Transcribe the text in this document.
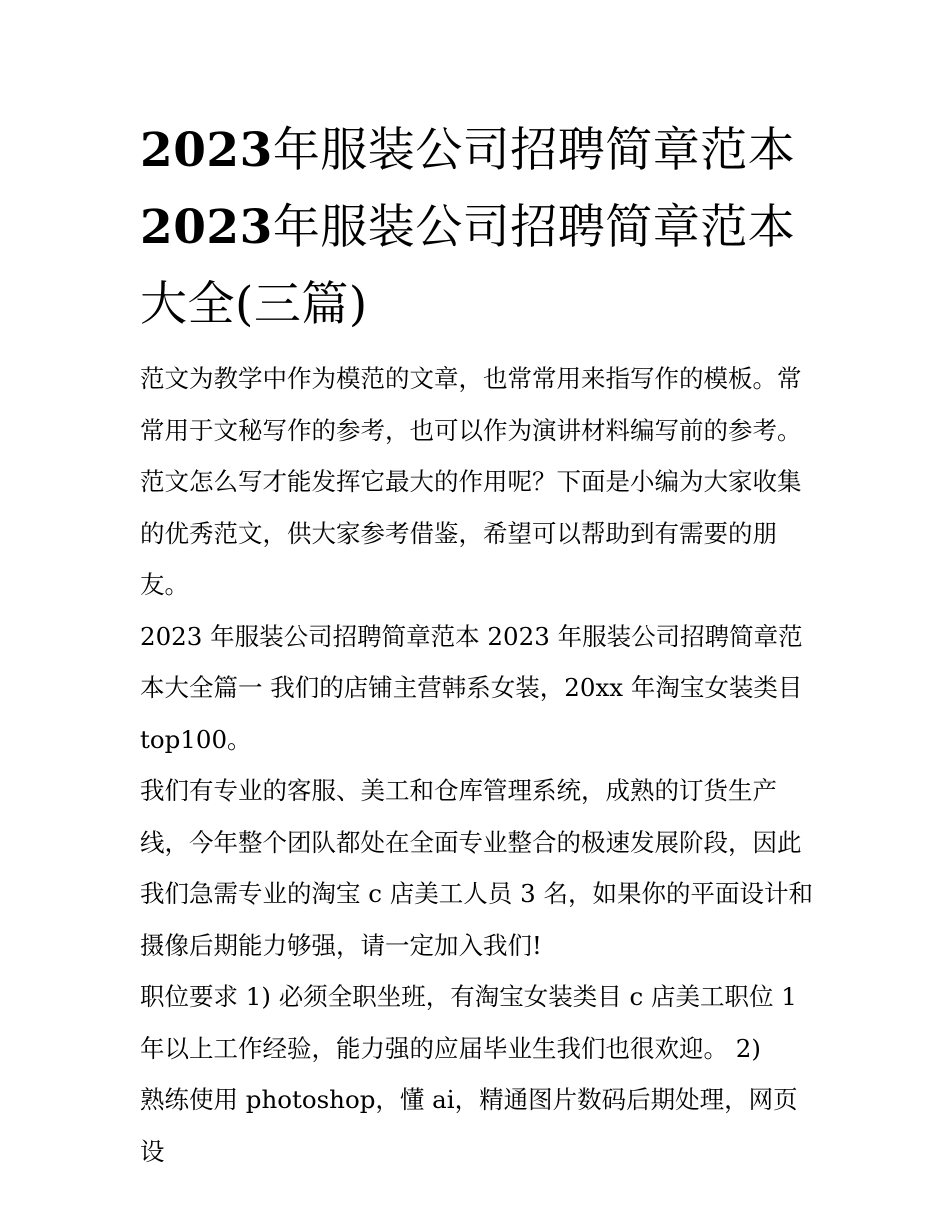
2023年服装公司招聘简章范本
2023年服装公司招聘简章范本
大全(三篇)

范文为教学中作为模范的文章，也常常用来指写作的模板。常常用于文秘写作的参考，也可以作为演讲材料编写前的参考。范文怎么写才能发挥它最大的作用呢？下面是小编为大家收集的优秀范文，供大家参考借鉴，希望可以帮助到有需要的朋友。

2023 年服装公司招聘简章范本 2023 年服装公司招聘简章范本大全篇一 我们的店铺主营韩系女装，20xx 年淘宝女装类目 top100。

我们有专业的客服、美工和仓库管理系统，成熟的订货生产线，今年整个团队都处在全面专业整合的极速发展阶段，因此我们急需专业的淘宝 c 店美工人员 3 名，如果你的平面设计和摄像后期能力够强，请一定加入我们!

职位要求 1) 必须全职坐班，有淘宝女装类目 c 店美工职位 1 年以上工作经验，能力强的应届毕业生我们也很欢迎。 2)

熟练使用 photoshop，懂 ai，精通图片数码后期处理，网页设
